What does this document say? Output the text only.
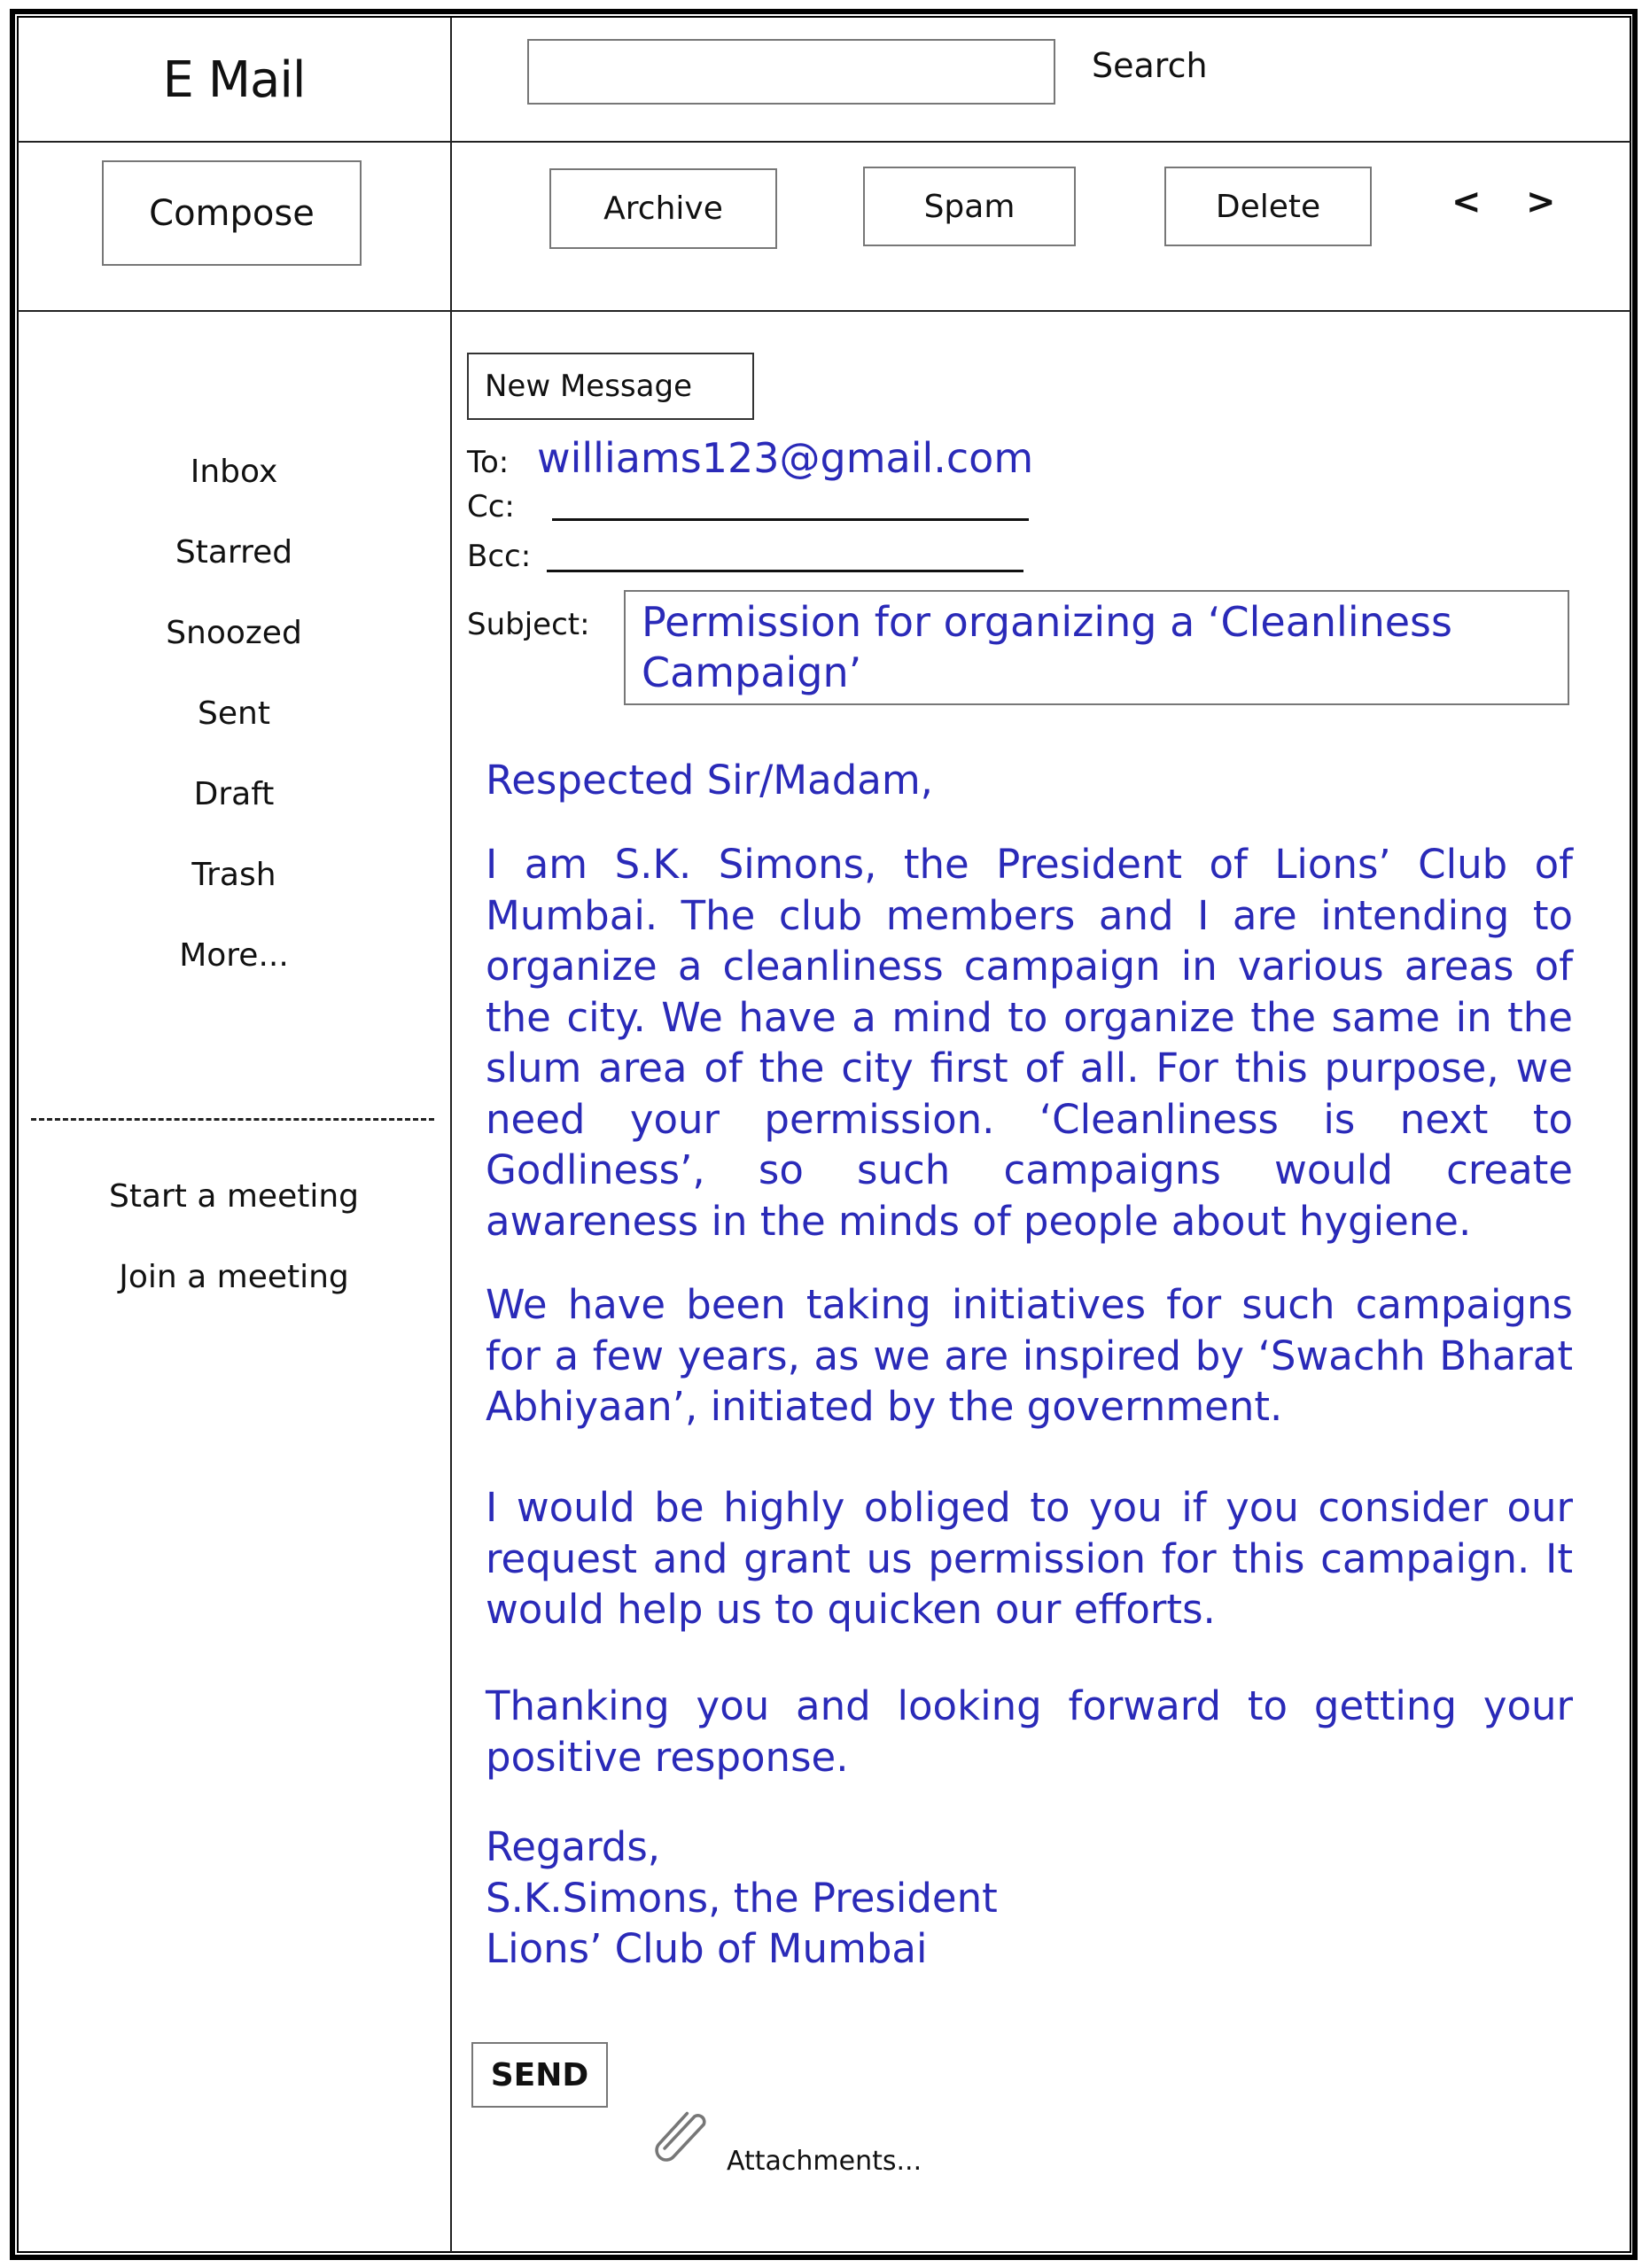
E Mail	Search
Compose	Archive	Spam	Delete	< >
Inbox
Starred
Snoozed
Sent
Draft
Trash
More...
Start a meeting
Join a meeting
New Message
To: williams123@gmail.com
Cc:
Bcc:
Subject:	Permission for organizing a ‘Cleanliness Campaign’
Respected Sir/Madam,
I am S.K. Simons, the President of Lions’ Club of Mumbai. The club members and I are intending to organize a cleanliness campaign in various areas of the city. We have a mind to organize the same in the slum area of the city first of all. For this purpose, we need your permission. ‘Cleanliness is next to Godliness’, so such campaigns would create awareness in the minds of people about hygiene.
We have been taking initiatives for such campaigns for a few years, as we are inspired by ‘Swachh Bharat Abhiyaan’, initiated by the government.
I would be highly obliged to you if you consider our request and grant us permission for this campaign. It would help us to quicken our efforts.
Thanking you and looking forward to getting your positive response.
Regards,
S.K.Simons, the President
Lions’ Club of Mumbai
SEND
Attachments...
